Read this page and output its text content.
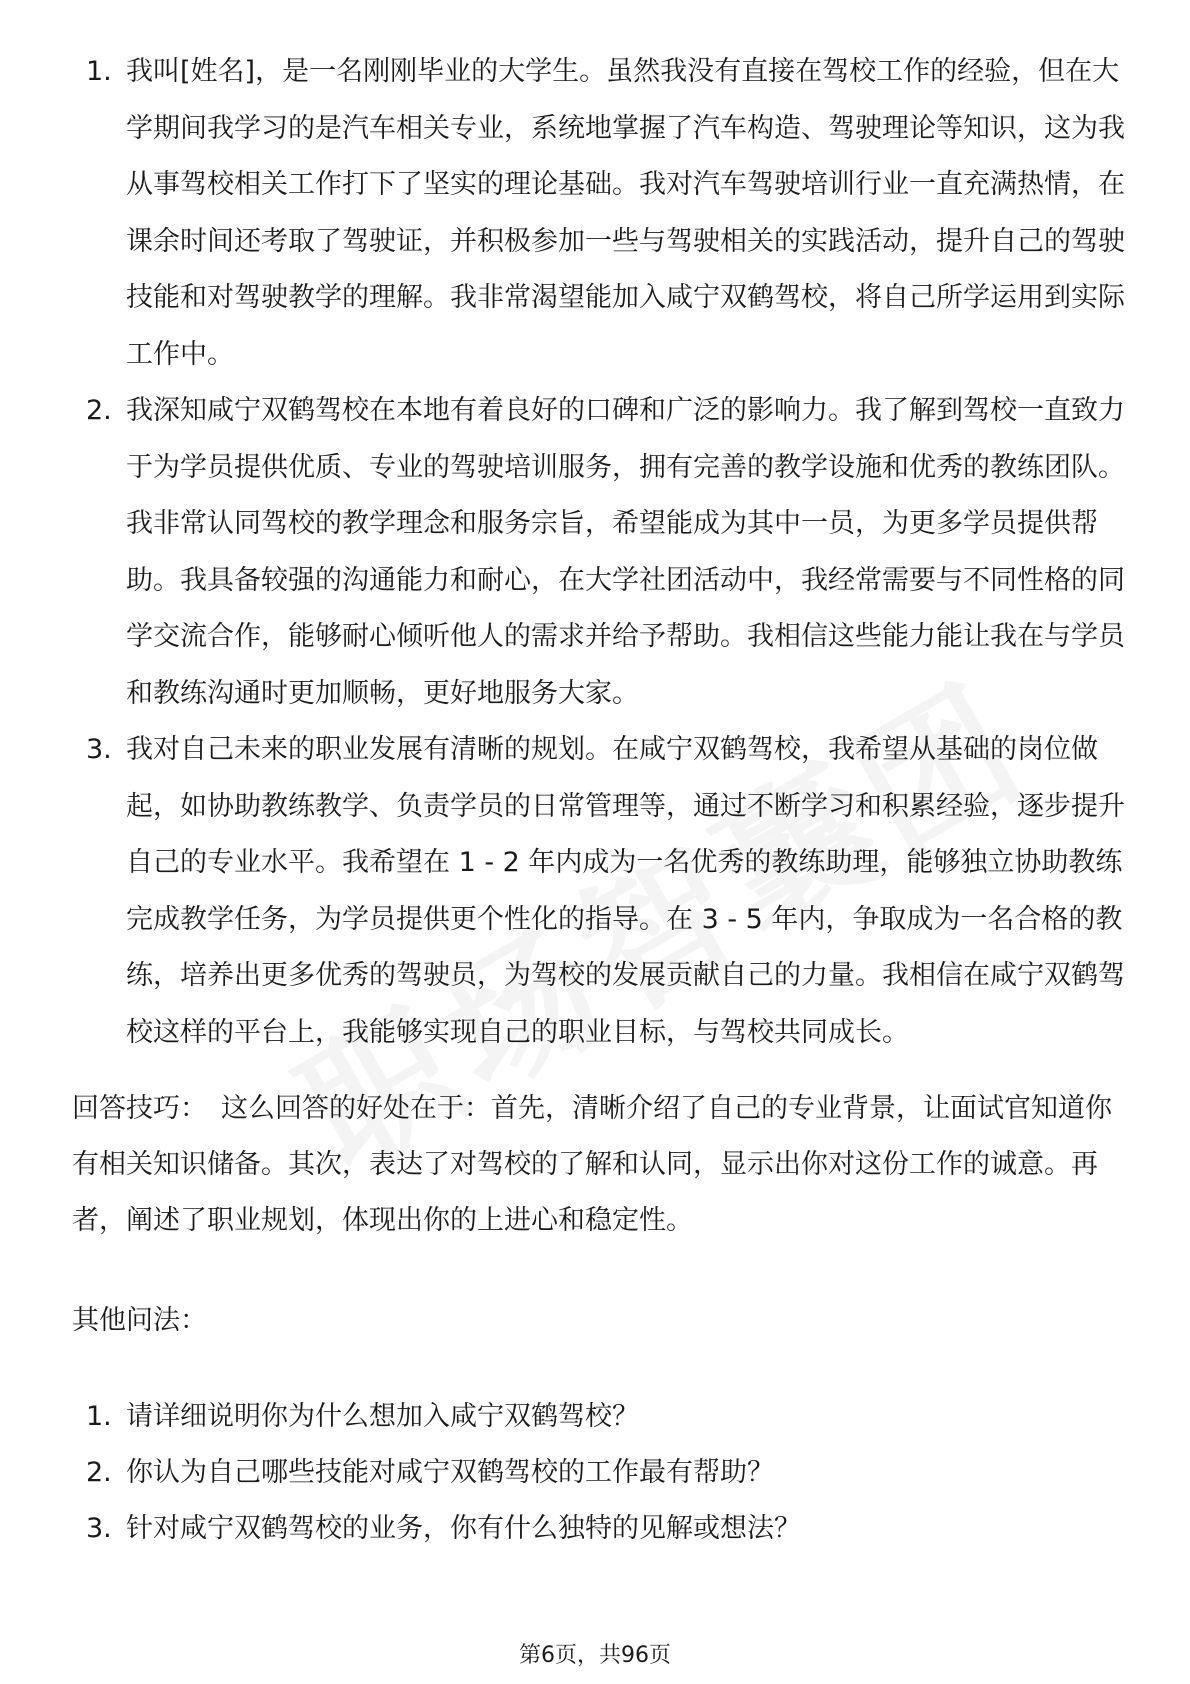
1. 我叫[姓名]，是一名刚刚毕业的大学生。虽然我没有直接在驾校工作的经验，但在大学期间我学习的是汽车相关专业，系统地掌握了汽车构造、驾驶理论等知识，这为我从事驾校相关工作打下了坚实的理论基础。我对汽车驾驶培训行业一直充满热情，在课余时间还考取了驾驶证，并积极参加一些与驾驶相关的实践活动，提升自己的驾驶技能和对驾驶教学的理解。我非常渴望能加入咸宁双鹤驾校，将自己所学运用到实际工作中。
2. 我深知咸宁双鹤驾校在本地有着良好的口碑和广泛的影响力。我了解到驾校一直致力于为学员提供优质、专业的驾驶培训服务，拥有完善的教学设施和优秀的教练团队。我非常认同驾校的教学理念和服务宗旨，希望能成为其中一员，为更多学员提供帮助。我具备较强的沟通能力和耐心，在大学社团活动中，我经常需要与不同性格的同学交流合作，能够耐心倾听他人的需求并给予帮助。我相信这些能力能让我在与学员和教练沟通时更加顺畅，更好地服务大家。
3. 我对自己未来的职业发展有清晰的规划。在咸宁双鹤驾校，我希望从基础的岗位做起，如协助教练教学、负责学员的日常管理等，通过不断学习和积累经验，逐步提升自己的专业水平。我希望在 1 - 2 年内成为一名优秀的教练助理，能够独立协助教练完成教学任务，为学员提供更个性化的指导。在 3 - 5 年内，争取成为一名合格的教练，培养出更多优秀的驾驶员，为驾校的发展贡献自己的力量。我相信在咸宁双鹤驾校这样的平台上，我能够实现自己的职业目标，与驾校共同成长。
回答技巧： 这么回答的好处在于：首先，清晰介绍了自己的专业背景，让面试官知道你有相关知识储备。其次，表达了对驾校的了解和认同，显示出你对这份工作的诚意。再者，阐述了职业规划，体现出你的上进心和稳定性。
其他问法：
1. 请详细说明你为什么想加入咸宁双鹤驾校？
2. 你认为自己哪些技能对咸宁双鹤驾校的工作最有帮助？
3. 针对咸宁双鹤驾校的业务，你有什么独特的见解或想法？
第6页，共96页
